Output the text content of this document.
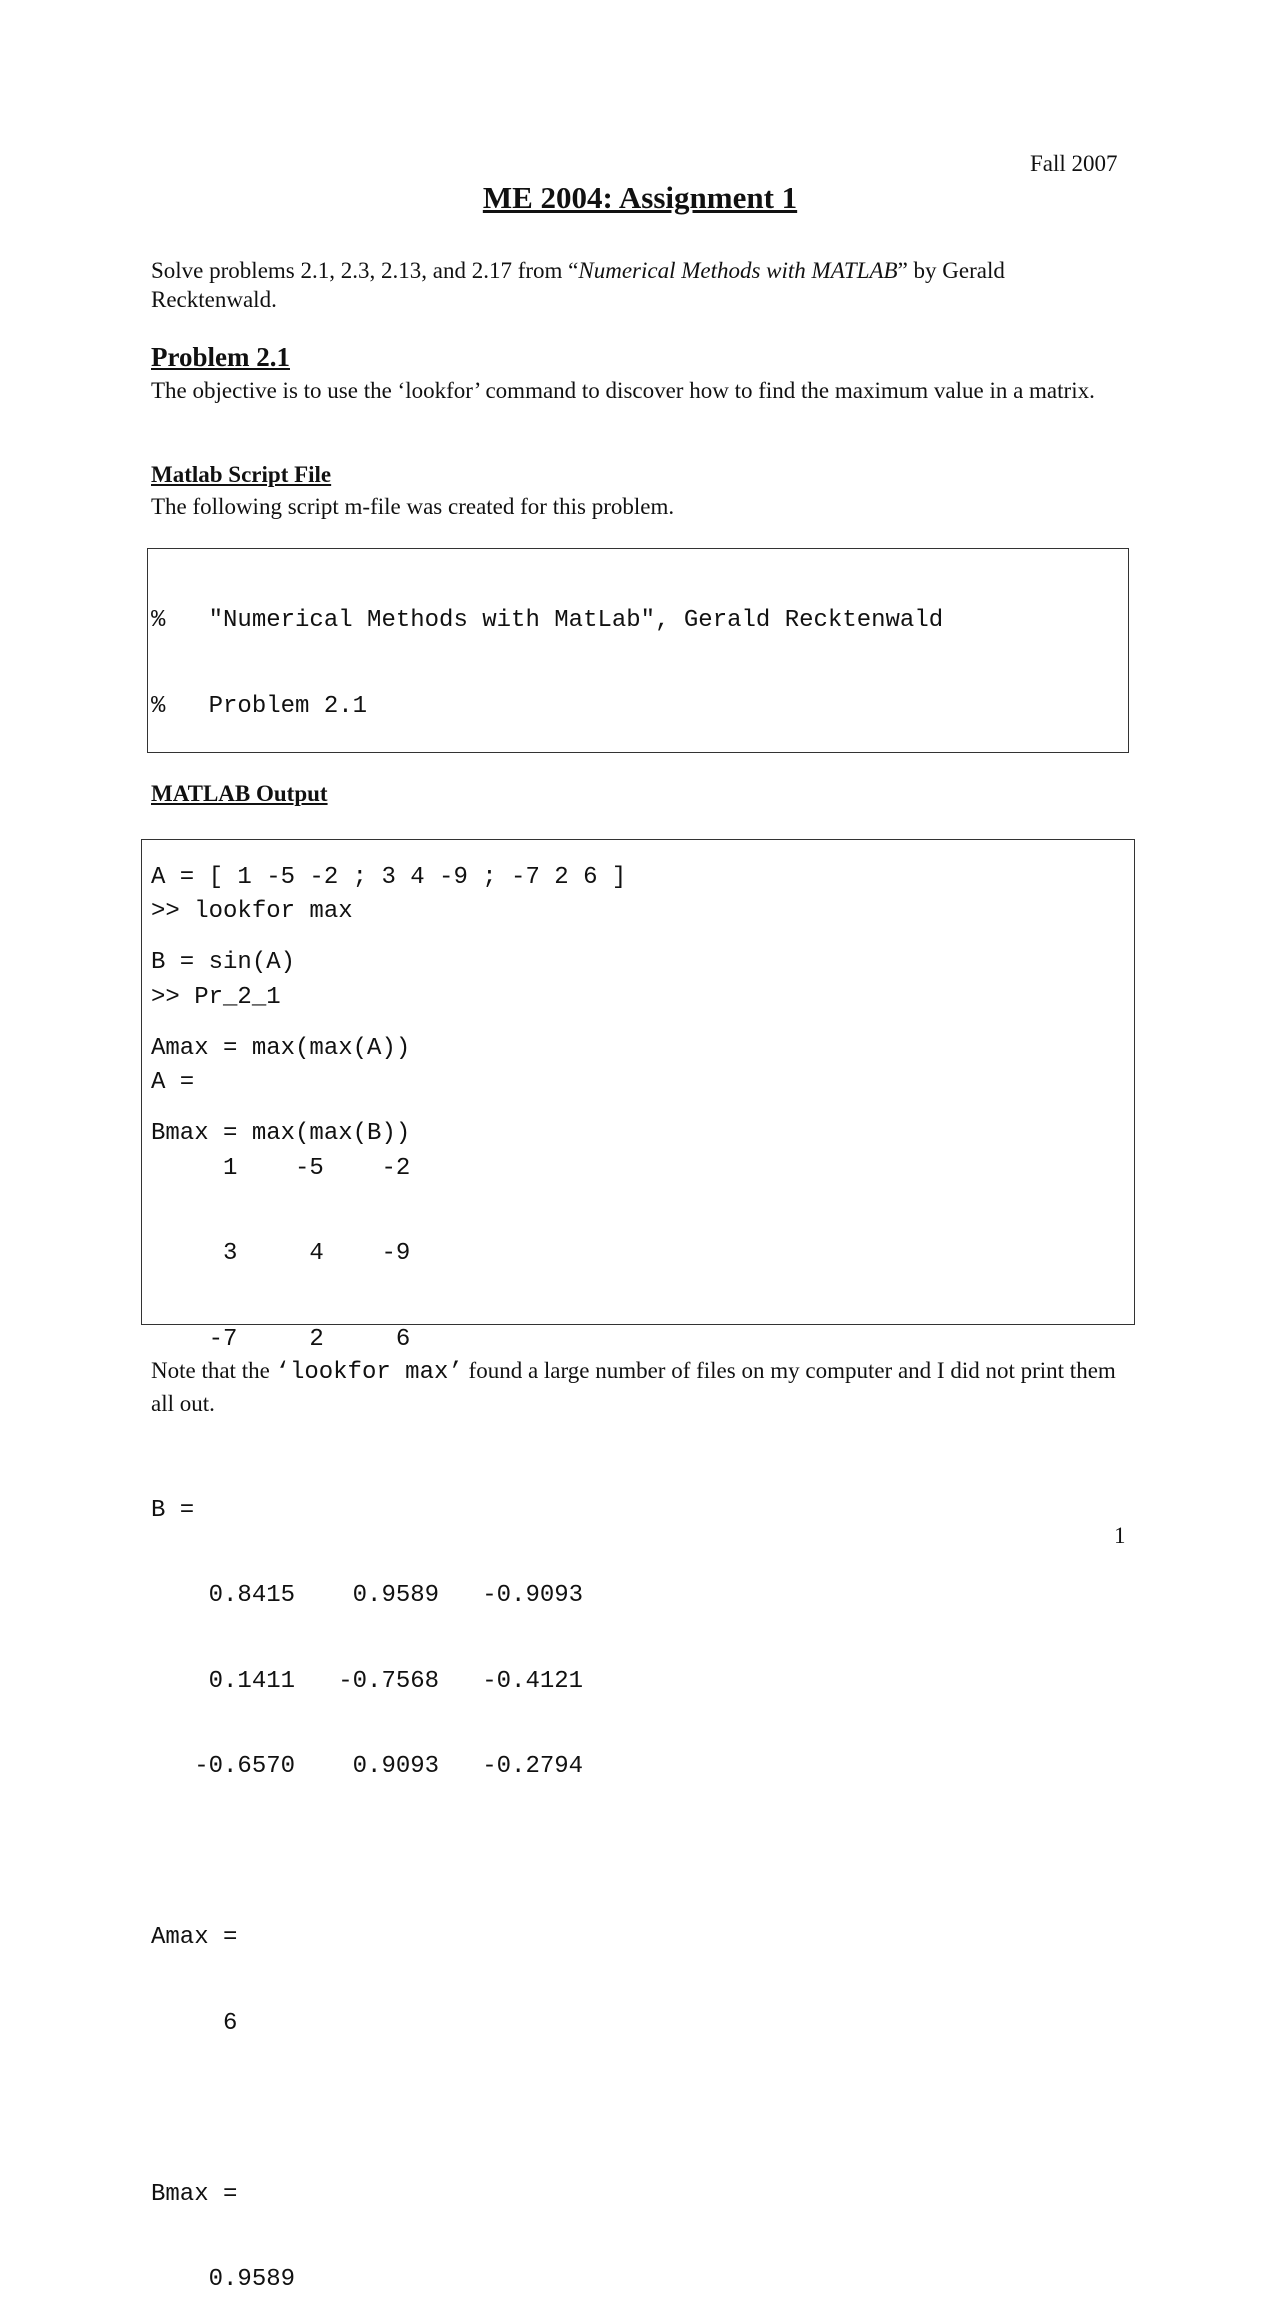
Fall 2007
ME 2004: Assignment 1
Solve problems 2.1, 2.3, 2.13, and 2.17 from “Numerical Methods with MATLAB” by Gerald Recktenwald.
Problem 2.1
The objective is to use the ‘lookfor’ command to discover how to find the maximum value in a matrix.
Matlab Script File
The following script m-file was created for this problem.

%   "Numerical Methods with MatLab", Gerald Recktenwald

%   Problem 2.1

A = [ 1 -5 -2 ; 3 4 -9 ; -7 2 6 ]

B = sin(A)

Amax = max(max(A))

Bmax = max(max(B))

MATLAB Output

>> lookfor max

>> Pr_2_1

A =

1    -5    -2

3     4    -9

-7     2     6

B =

0.8415    0.9589   -0.9093

0.1411   -0.7568   -0.4121

-0.6570    0.9093   -0.2794

Amax =

6

Bmax =

0.9589

Note that the ‘lookfor max’ found a large number of files on my computer and I did not print them all out.
1
